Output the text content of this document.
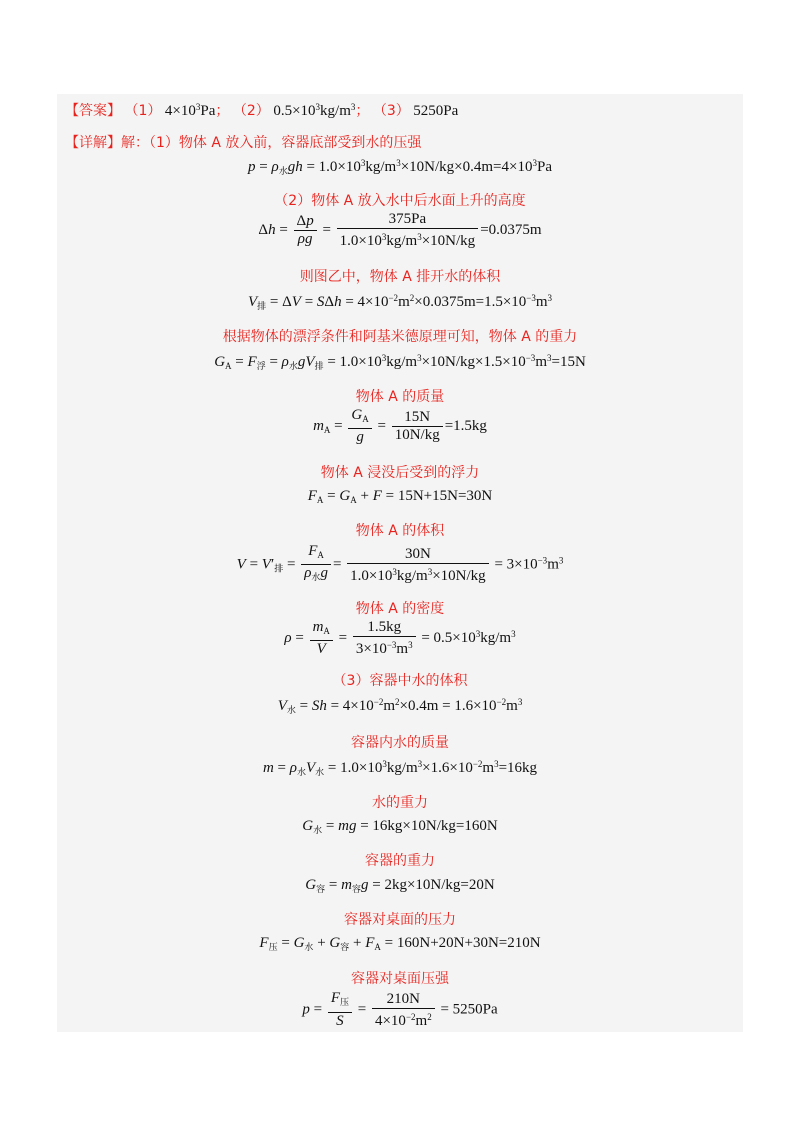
【答案】 （1） $4\times 10^3Pa$； （2） $0.5\times 10^3kg/m^3$； （3） 5250Pa
【详解】解：（1）物体 A 放入前，容器底部受到水的压强
$p = \rho_水gh = 1.0\times 10^3kg/m^3\times 10N/kg\times 0.4m=4\times 10^3Pa$
（2）物体 A 放入水中后水面上升的高度
$\Delta h = \frac{\Delta p}{\rho g} = \frac{375Pa}{1.0\times 10^3kg/m^3\times 10N/kg} =0.0375m$
则图乙中，物体 A 排开水的体积
$V_排 = \Delta V = S\Delta h = 4\times 10^{-2}m^2\times 0.0375m=1.5\times 10^{-3}m^3$
根据物体的漂浮条件和阿基米德原理可知，物体 A 的重力
$G_A = F_浮 = \rho_水gV_排 = 1.0\times 10^3kg/m^3\times 10N/kg\times 1.5\times 10^{-3}m^3=15N$
物体 A 的质量
$m_A = \frac{G_A}{g} = \frac{15N}{10N/kg} =1.5kg$
物体 A 浸没后受到的浮力
$F_A = G_A + F = 15N+15N=30N$
物体 A 的体积
$V = V'_排 = \frac{F_A}{\rho_水g} = \frac{30N}{1.0\times 10^3kg/m^3\times 10N/kg} = 3\times 10^{-3}m^3$
物体 A 的密度
$\rho = \frac{m_A}{V} = \frac{1.5kg}{3\times 10^{-3}m^3} = 0.5\times 10^3kg/m^3$
（3）容器中水的体积
$V_水 = Sh = 4\times 10^{-2}m^2\times 0.4m = 1.6\times 10^{-2}m^3$
容器内水的质量
$m = \rho_水V_水 = 1.0\times 10^3kg/m^3\times 1.6\times 10^{-2}m^3=16kg$
水的重力
$G_水$ = mg = 16kg×10N/kg=160N
容器的重力
$G_容 = m_容g = 2kg\times 10N/kg=20N$
容器对桌面的压力
$F_压 = G_水 + G_容 + F_A = 160N+20N+30N=210N$
容器对桌面压强
$p = \frac{F_压}{S} = \frac{210N}{4\times 10^{-2}m^2} = 5250Pa$
